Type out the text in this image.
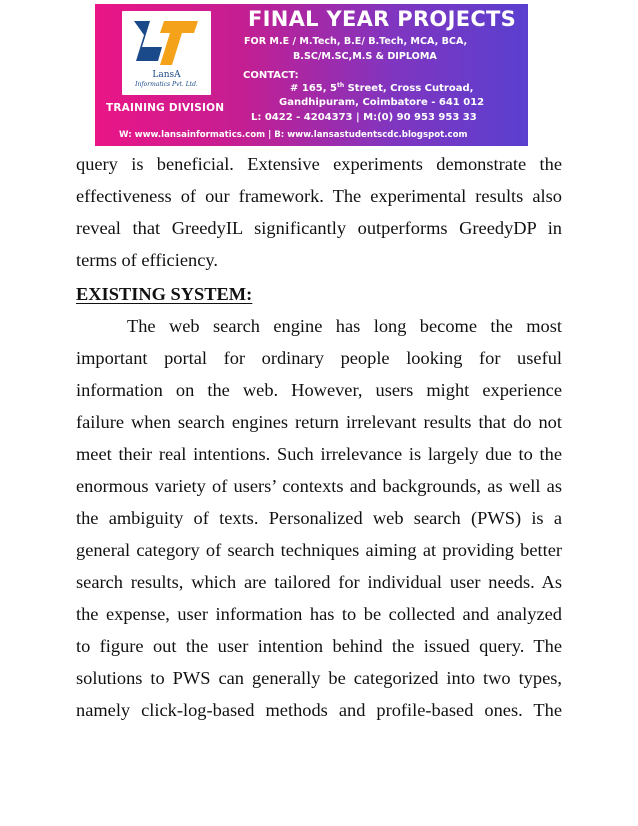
LansA
Informatics Pvt. Ltd.
TRAINING DIVISION
FINAL YEAR PROJECTS
FOR M.E / M.Tech, B.E/ B.Tech, MCA, BCA,
B.SC/M.SC,M.S & DIPLOMA
CONTACT:
# 165, 5th Street, Cross Cutroad,
Gandhipuram, Coimbatore - 641 012
L: 0422 - 4204373 | M:(0) 90 953 953 33
W: www.lansainformatics.com | B: www.lansastudentscdc.blogspot.com
query is beneficial. Extensive experiments demonstrate the
effectiveness of our framework. The experimental results also
reveal that GreedyIL significantly outperforms GreedyDP in
terms of efficiency.
EXISTING SYSTEM:
The web search engine has long become the most
important portal for ordinary people looking for useful
information on the web. However, users might experience
failure when search engines return irrelevant results that do not
meet their real intentions. Such irrelevance is largely due to the
enormous variety of users’ contexts and backgrounds, as well as
the ambiguity of texts. Personalized web search (PWS) is a
general category of search techniques aiming at providing better
search results, which are tailored for individual user needs. As
the expense, user information has to be collected and analyzed
to figure out the user intention behind the issued query. The
solutions to PWS can generally be categorized into two types,
namely click-log-based methods and profile-based ones. The
